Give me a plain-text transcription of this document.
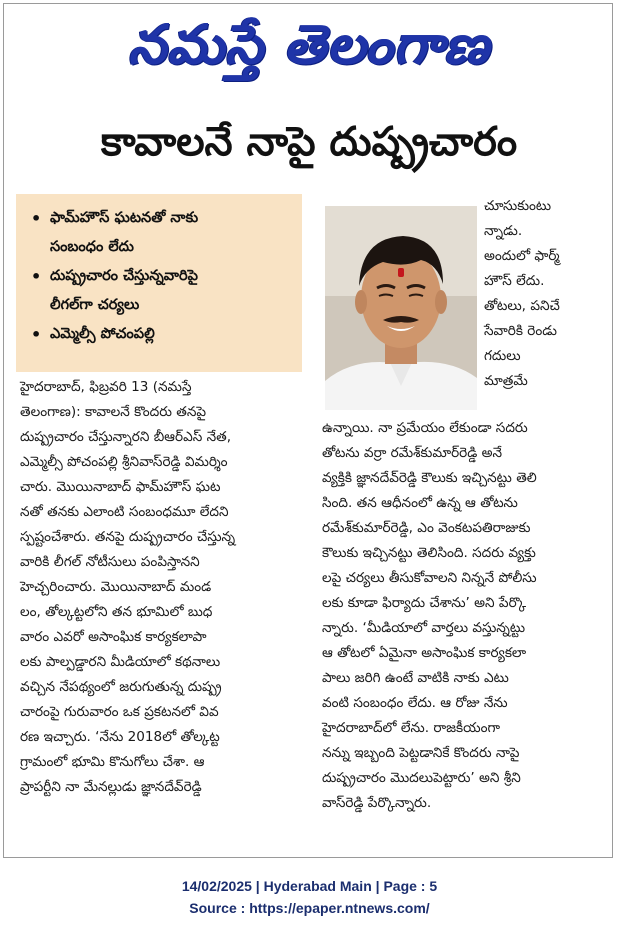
నమస్తే తెలంగాణ
కావాలనే నాపై దుష్ప్రచారం
• ఫామ్‌హౌస్ ఘటనతో నాకు
సంబంధం లేదు
• దుష్ప్రచారం చేస్తున్నవారిపై
లీగల్‌గా చర్యలు
• ఎమ్మెల్సీ పోచంపల్లి
హైదరాబాద్, ఫిబ్రవరి 13 (నమస్తే
తెలంగాణ): కావాలనే కొందరు తనపై
దుష్ప్రచారం చేస్తున్నారని బీఆర్‌ఎస్ నేత,
ఎమ్మెల్సీ పోచంపల్లి శ్రీనివాస్‌రెడ్డి విమర్శిం
చారు. మొయినాబాద్ ఫామ్‌హౌస్ ఘట
నతో తనకు ఎలాంటి సంబంధమూ లేదని
స్పష్టంచేశారు. తనపై దుష్ప్రచారం చేస్తున్న
వారికి లీగల్ నోటీసులు పంపిస్తానని
హెచ్చరించారు. మొయినాబాద్ మండ
లం, తోల్కట్టలోని తన భూమిలో బుధ
వారం ఎవరో అసాంఘిక కార్యకలాపా
లకు పాల్పడ్డారని మీడియాలో కథనాలు
వచ్చిన నేపథ్యంలో జరుగుతున్న దుష్ప్ర
చారంపై గురువారం ఒక ప్రకటనలో వివ
రణ ఇచ్చారు. ‘నేను 2018లో తోల్కట్ట
గ్రామంలో భూమి కొనుగోలు చేశా. ఆ
ప్రాపర్టీని నా మేనల్లుడు జ్ఞానదేవ్‌రెడ్డి
చూసుకుంటు
న్నాడు.
అందులో ఫార్మ్
హౌస్ లేదు.
తోటలు, పనిచే
సేవారికి రెండు
గదులు
మాత్రమే
ఉన్నాయి. నా ప్రమేయం లేకుండా సదరు
తోటను వర్రా రమేశ్‌కుమార్‌రెడ్డి అనే
వ్యక్తికి జ్ఞానదేవ్‌రెడ్డి కౌలుకు ఇచ్చినట్టు తెలి
సింది. తన ఆధీనంలో ఉన్న ఆ తోటను
రమేశ్‌కుమార్‌రెడ్డి, ఎం వెంకటపతిరాజుకు
కౌలుకు ఇచ్చినట్టు తెలిసింది. సదరు వ్యక్తు
లపై చర్యలు తీసుకోవాలని నిన్ననే పోలీసు
లకు కూడా ఫిర్యాదు చేశాను’ అని పేర్కొ
న్నారు. ‘మీడియాలో వార్తలు వస్తున్నట్టు
ఆ తోటలో ఏమైనా అసాంఘిక కార్యకలా
పాలు జరిగి ఉంటే వాటికి నాకు ఎటు
వంటి సంబంధం లేదు. ఆ రోజు నేను
హైదరాబాద్‌లో లేను. రాజకీయంగా
నన్ను ఇబ్బంది పెట్టడానికే కొందరు నాపై
దుష్ప్రచారం మొదలుపెట్టారు’ అని శ్రీని
వాస్‌రెడ్డి పేర్కొన్నారు.
14/02/2025 | Hyderabad Main | Page : 5
Source : https://epaper.ntnews.com/
